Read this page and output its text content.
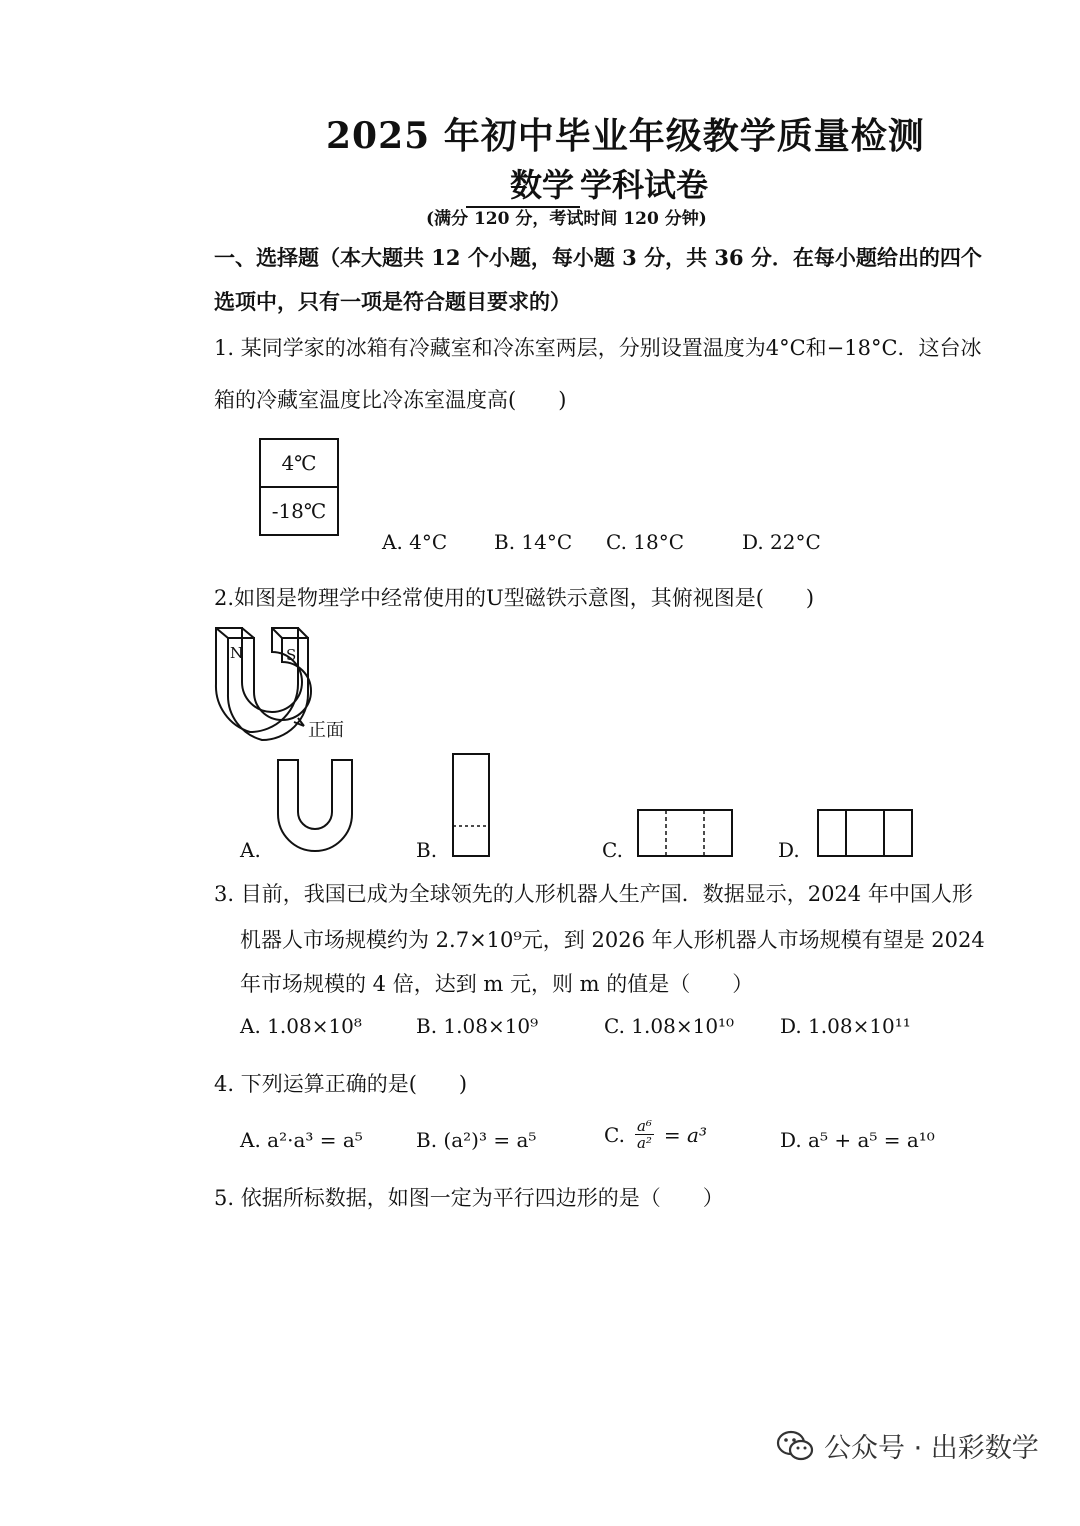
2025 年初中毕业年级教学质量检测
数学 学科试卷
(满分 120 分，考试时间 120 分钟)
一、选择题（本大题共 12 个小题，每小题 3 分，共 36 分．在每小题给出的四个
选项中，只有一项是符合题目要求的）
1. 某同学家的冰箱有冷藏室和冷冻室两层，分别设置温度为4°C和−18°C．这台冰
箱的冷藏室温度比冷冻室温度高(　　)
4℃
-18℃
A. 4°C B. 14°C C. 18°C	D. 22°C
2.如图是物理学中经常使用的U型磁铁示意图，其俯视图是(　　)
N	S
正面
A.	B.	C.	D.
3. 目前，我国已成为全球领先的人形机器人生产国．数据显示，2024 年中国人形
机器人市场规模约为 2.7×10⁹元，到 2026 年人形机器人市场规模有望是 2024
年市场规模的 4 倍，达到 m 元，则 m 的值是（　　）
A. 1.08×10⁸	B. 1.08×10⁹	C. 1.08×10¹⁰ D. 1.08×10¹¹
4. 下列运算正确的是(　　)
A. a²·a³ = a⁵	B. (a²)³ = a⁵	C. $\frac{\text{a⁶}}{\text{a²}} = a^3$	D. a⁵ + a⁵ = a¹⁰
5. 依据所标数据，如图一定为平行四边形的是（　　）
公众号 · 出彩数学
